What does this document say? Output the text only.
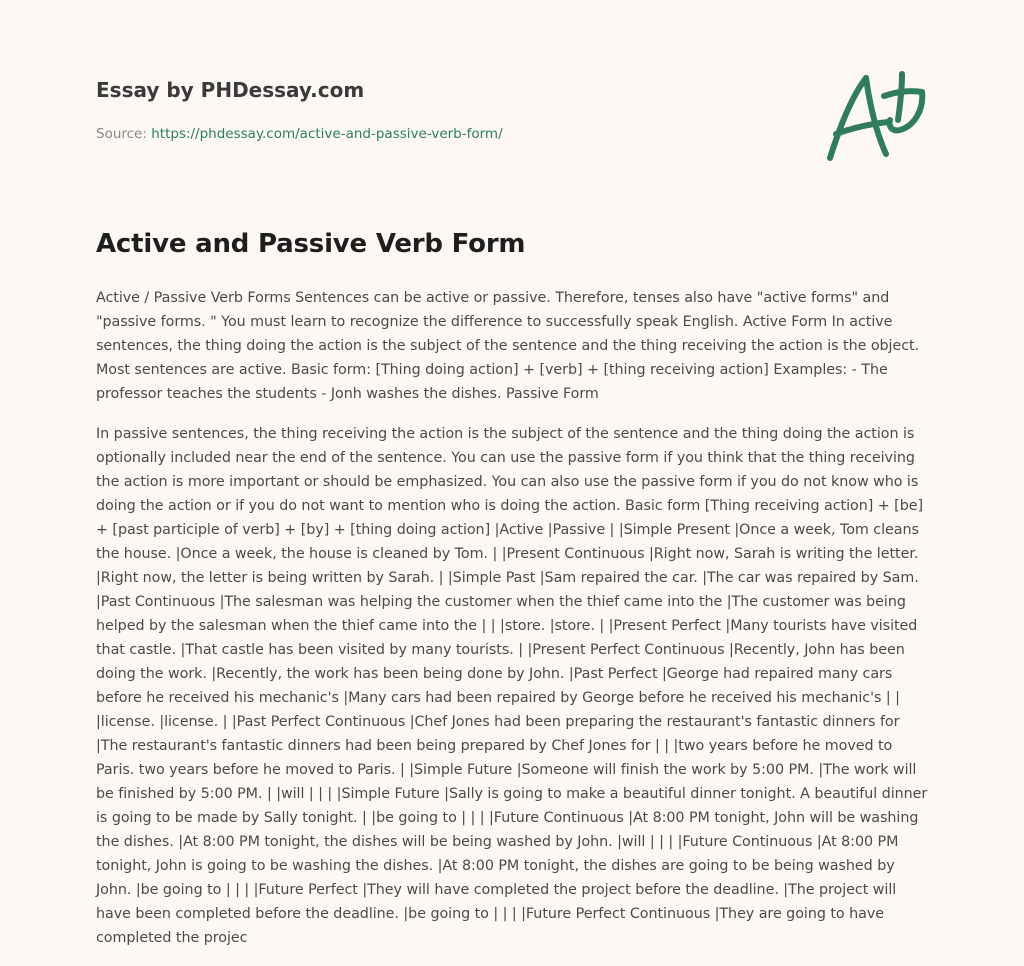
Essay by PHDessay.com
Source: https://phdessay.com/active-and-passive-verb-form/
Active and Passive Verb Form

Active / Passive Verb Forms Sentences can be active or passive. Therefore, tenses also have "active forms" and "passive forms. " You must learn to recognize the difference to successfully speak English. Active Form In active sentences, the thing doing the action is the subject of the sentence and the thing receiving the action is the object. Most sentences are active. Basic form: [Thing doing action] + [verb] + [thing receiving action] Examples: - The professor teaches the students - Jonh washes the dishes. Passive Form

In passive sentences, the thing receiving the action is the subject of the sentence and the thing doing the action is optionally included near the end of the sentence. You can use the passive form if you think that the thing receiving the action is more important or should be emphasized. You can also use the passive form if you do not know who is doing the action or if you do not want to mention who is doing the action. Basic form [Thing receiving action] + [be] + [past participle of verb] + [by] + [thing doing action] |Active |Passive | |Simple Present |Once a week, Tom cleans the house. |Once a week, the house is cleaned by Tom. | |Present Continuous |Right now, Sarah is writing the letter. |Right now, the letter is being written by Sarah. | |Simple Past |Sam repaired the car. |The car was repaired by Sam. |Past Continuous |The salesman was helping the customer when the thief came into the |The customer was being helped by the salesman when the thief came into the | | |store. |store. | |Present Perfect |Many tourists have visited that castle. |That castle has been visited by many tourists. | |Present Perfect Continuous |Recently, John has been doing the work. |Recently, the work has been being done by John. |Past Perfect |George had repaired many cars before he received his mechanic's |Many cars had been repaired by George before he received his mechanic's | | |license. |license. | |Past Perfect Continuous |Chef Jones had been preparing the restaurant's fantastic dinners for |The restaurant's fantastic dinners had been being prepared by Chef Jones for | | |two years before he moved to Paris. two years before he moved to Paris. | |Simple Future |Someone will finish the work by 5:00 PM. |The work will be finished by 5:00 PM. | |will | | | |Simple Future |Sally is going to make a beautiful dinner tonight. A beautiful dinner is going to be made by Sally tonight. | |be going to | | | |Future Continuous |At 8:00 PM tonight, John will be washing the dishes. |At 8:00 PM tonight, the dishes will be being washed by John. |will | | | |Future Continuous |At 8:00 PM tonight, John is going to be washing the dishes. |At 8:00 PM tonight, the dishes are going to be being washed by John. |be going to | | | |Future Perfect |They will have completed the project before the deadline. |The project will have been completed before the deadline. |be going to | | | |Future Perfect Continuous |They are going to have completed the projec
